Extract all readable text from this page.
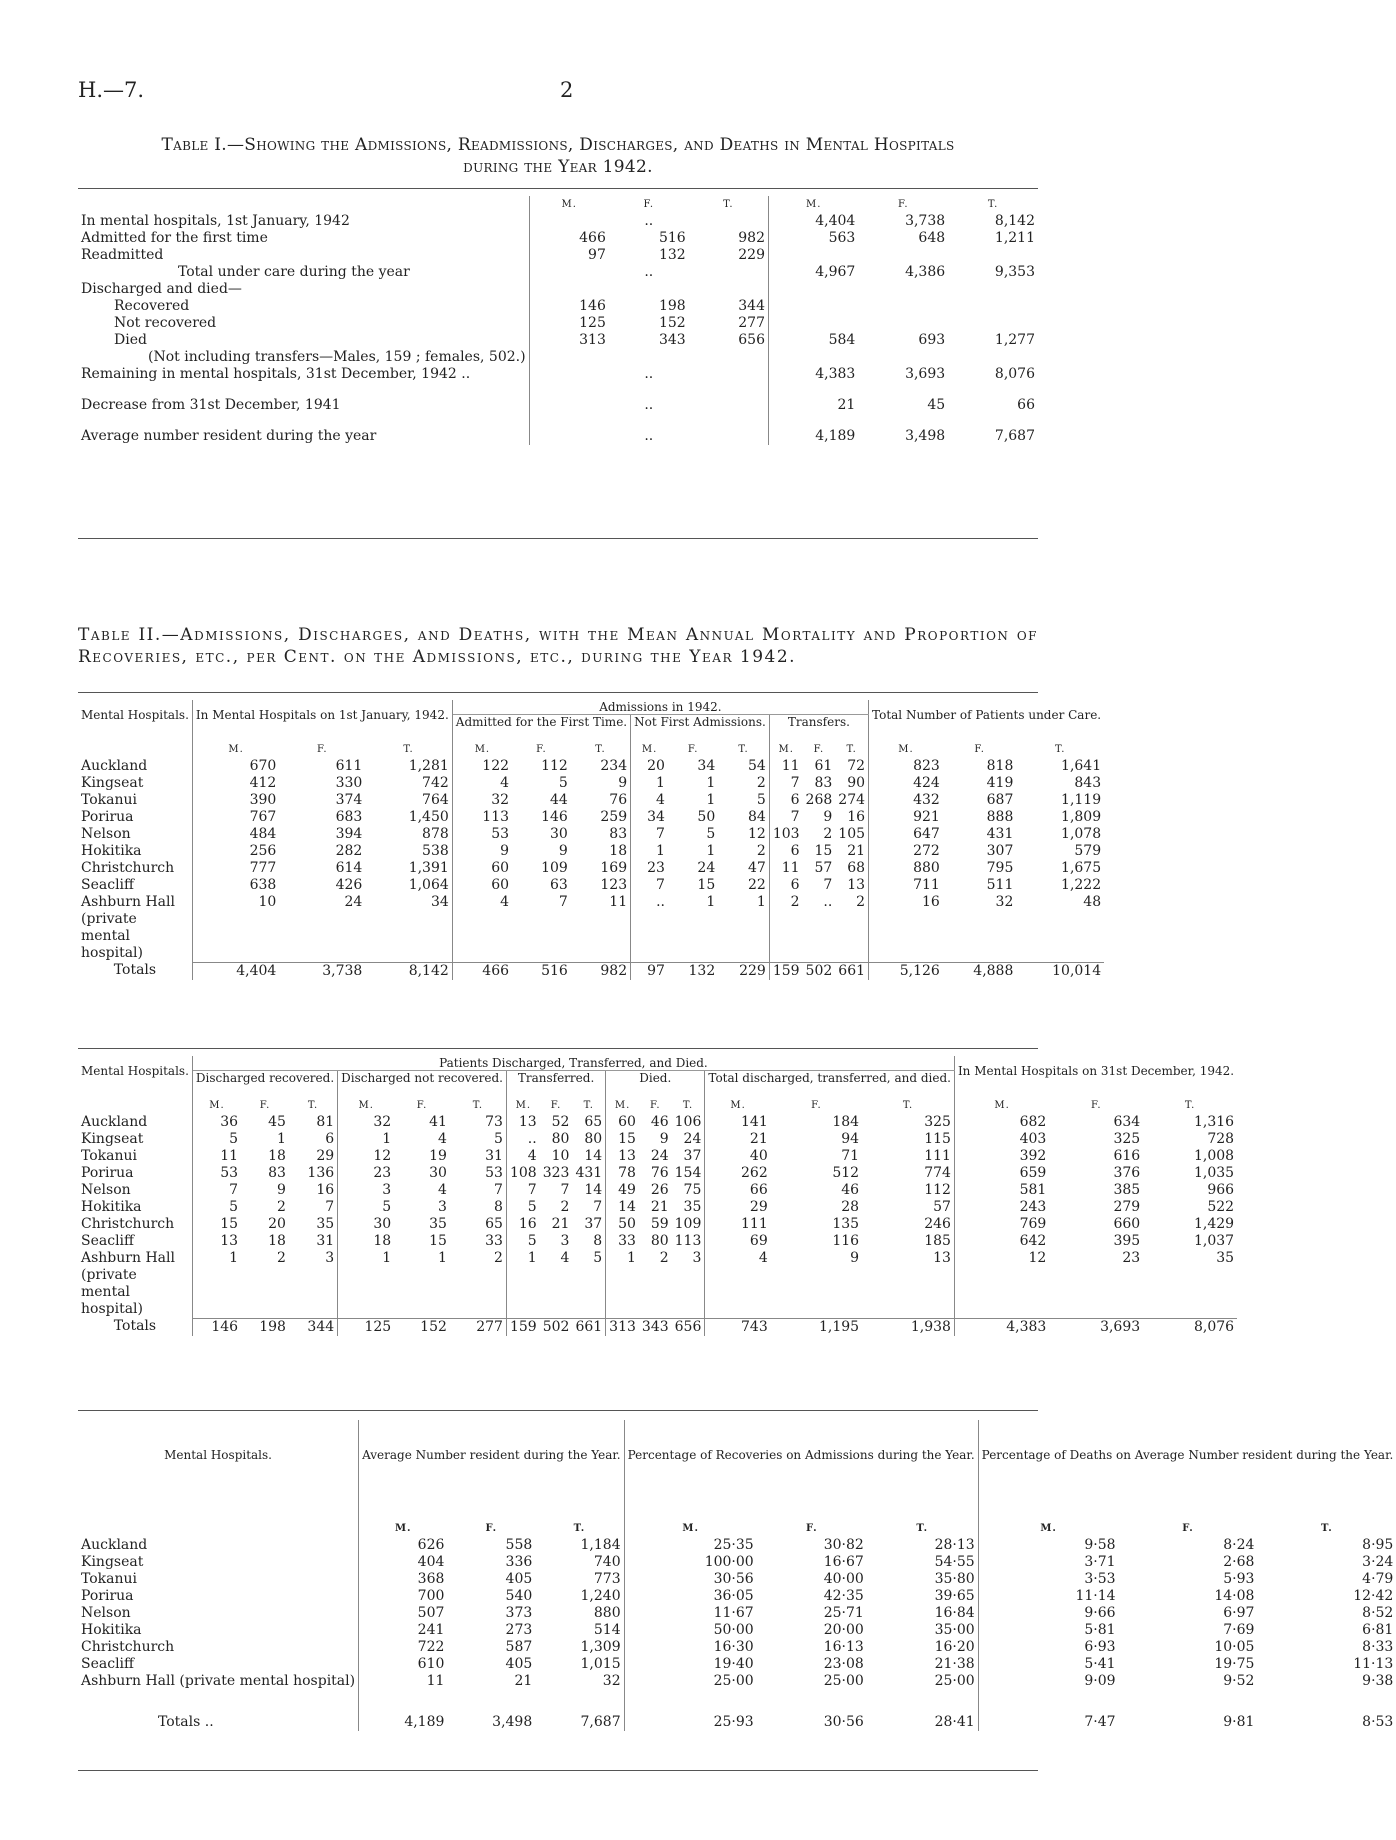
H.—7.	2
Table I.—Showing the Admissions, Readmissions, Discharges, and Deaths in Mental Hospitals
during the Year 1942.
	M.	F.	T.	M.	F.	T.
In mental hospitals, 1st January, 1942		..		4,404	3,738	8,142
Admitted for the first time	466	516	982	563	648	1,211
Readmitted	97	132	229			
Total under care during the year		..		4,967	4,386	9,353
Discharged and died—						
Recovered	146	198	344			
Not recovered	125	152	277			
Died	313	343	656	584	693	1,277
(Not including transfers—Males, 159 ; females, 502.)						
Remaining in mental hospitals, 31st December, 1942 ..		..		4,383	3,693	8,076
Decrease from 31st December, 1941		..		21	45	66
Average number resident during the year		..		4,189	3,498	7,687
Table II.—Admissions, Discharges, and Deaths, with the Mean Annual Mortality and Proportion of Recoveries, etc., per Cent. on the Admissions, etc., during the Year 1942.
Mental Hospitals.	In Mental Hospitals on 1st January, 1942.			Admissions in 1942.									Total Number of Patients under Care.		
				Admitted for the First Time.			Not First Admissions.			Transfers.					
	M.	F.	T.	M.	F.	T.	M.	F.	T.	M.	F.	T.	M.	F.	T.
Auckland	670	611	1,281	122	112	234	20	34	54	11	61	72	823	818	1,641
Kingseat	412	330	742	4	5	9	1	1	2	7	83	90	424	419	843
Tokanui	390	374	764	32	44	76	4	1	5	6	268	274	432	687	1,119
Porirua	767	683	1,450	113	146	259	34	50	84	7	9	16	921	888	1,809
Nelson	484	394	878	53	30	83	7	5	12	103	2	105	647	431	1,078
Hokitika	256	282	538	9	9	18	1	1	2	6	15	21	272	307	579
Christchurch	777	614	1,391	60	109	169	23	24	47	11	57	68	880	795	1,675
Seacliff	638	426	1,064	60	63	123	7	15	22	6	7	13	711	511	1,222
Ashburn Hall (private mental hospital)	10	24	34	4	7	11	..	1	1	2	..	2	16	32	48
Totals	4,404	3,738	8,142	466	516	982	97	132	229	159	502	661	5,126	4,888	10,014
Mental Hospitals.	Patients Discharged, Transferred, and Died.															In Mental Hospitals on 31st December, 1942.		
	Discharged recovered.			Discharged not recovered.			Transferred.			Died.			Total discharged, transferred, and died.					
	M.	F.	T.	M.	F.	T.	M.	F.	T.	M.	F.	T.	M.	F.	T.	M.	F.	T.
Auckland	36	45	81	32	41	73	13	52	65	60	46	106	141	184	325	682	634	1,316
Kingseat	5	1	6	1	4	5	..	80	80	15	9	24	21	94	115	403	325	728
Tokanui	11	18	29	12	19	31	4	10	14	13	24	37	40	71	111	392	616	1,008
Porirua	53	83	136	23	30	53	108	323	431	78	76	154	262	512	774	659	376	1,035
Nelson	7	9	16	3	4	7	7	7	14	49	26	75	66	46	112	581	385	966
Hokitika	5	2	7	5	3	8	5	2	7	14	21	35	29	28	57	243	279	522
Christchurch	15	20	35	30	35	65	16	21	37	50	59	109	111	135	246	769	660	1,429
Seacliff	13	18	31	18	15	33	5	3	8	33	80	113	69	116	185	642	395	1,037
Ashburn Hall (private mental hospital)	1	2	3	1	1	2	1	4	5	1	2	3	4	9	13	12	23	35
Totals	146	198	344	125	152	277	159	502	661	313	343	656	743	1,195	1,938	4,383	3,693	8,076
Mental Hospitals.	Average Number resident during the Year.			Percentage of Recoveries on Admissions during the Year.			Percentage of Deaths on Average Number resident during the Year.		
	M.	F.	T.	M.	F.	T.	M.	F.	T.
Auckland	626	558	1,184	25·35	30·82	28·13	9·58	8·24	8·95
Kingseat	404	336	740	100·00	16·67	54·55	3·71	2·68	3·24
Tokanui	368	405	773	30·56	40·00	35·80	3·53	5·93	4·79
Porirua	700	540	1,240	36·05	42·35	39·65	11·14	14·08	12·42
Nelson	507	373	880	11·67	25·71	16·84	9·66	6·97	8·52
Hokitika	241	273	514	50·00	20·00	35·00	5·81	7·69	6·81
Christchurch	722	587	1,309	16·30	16·13	16·20	6·93	10·05	8·33
Seacliff	610	405	1,015	19·40	23·08	21·38	5·41	19·75	11·13
Ashburn Hall (private mental hospital)	11	21	32	25·00	25·00	25·00	9·09	9·52	9·38
Totals ..	4,189	3,498	7,687	25·93	30·56	28·41	7·47	9·81	8·53
